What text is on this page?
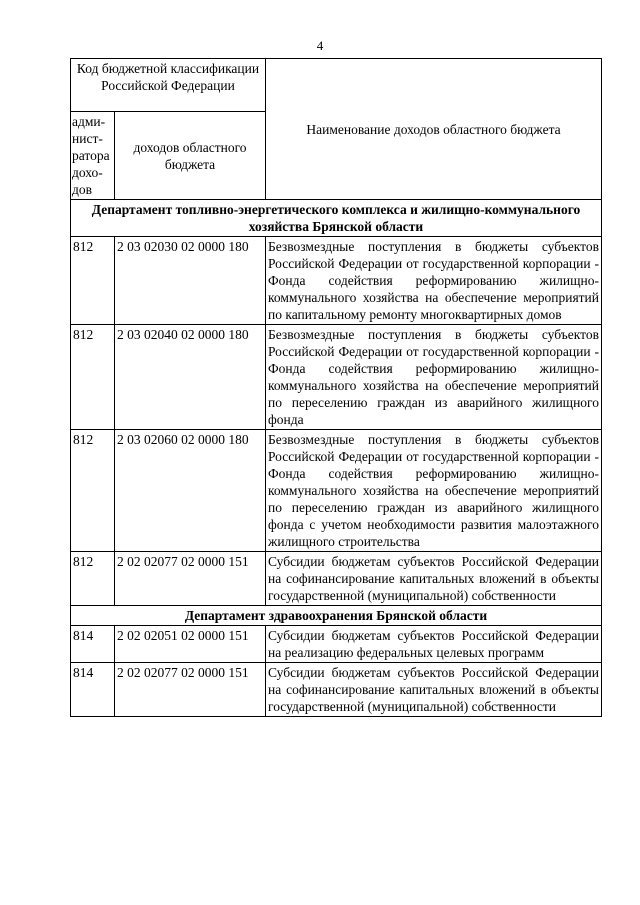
4
Код бюджетной классификации Российской Федерации		Наименование доходов областного бюджета
адми-нист-ратора дохо-дов	доходов областного бюджета	
Департамент топливно-энергетического комплекса и жилищно-коммунального хозяйства Брянской области		
812	2 03 02030 02 0000 180	Безвозмездные поступления в бюджеты субъектов Российской Федерации от государственной корпорации - Фонда содействия реформированию жилищно-коммунального хозяйства на обеспечение мероприятий по капитальному ремонту многоквартирных домов
812	2 03 02040 02 0000 180	Безвозмездные поступления в бюджеты субъектов Российской Федерации от государственной корпорации - Фонда содействия реформированию жилищно-коммунального хозяйства на обеспечение мероприятий по переселению граждан из аварийного жилищного фонда
812	2 03 02060 02 0000 180	Безвозмездные поступления в бюджеты субъектов Российской Федерации от государственной корпорации - Фонда содействия реформированию жилищно-коммунального хозяйства на обеспечение мероприятий по переселению граждан из аварийного жилищного фонда с учетом необходимости развития малоэтажного жилищного строительства
812	2 02 02077 02 0000 151	Субсидии бюджетам субъектов Российской Федерации на софинансирование капитальных вложений в объекты государственной (муниципальной) собственности
Департамент здравоохранения Брянской области		
814	2 02 02051 02 0000 151	Субсидии бюджетам субъектов Российской Федерации на реализацию федеральных целевых программ
814	2 02 02077 02 0000 151	Субсидии бюджетам субъектов Российской Федерации на софинансирование капитальных вложений в объекты государственной (муниципальной) собственности
